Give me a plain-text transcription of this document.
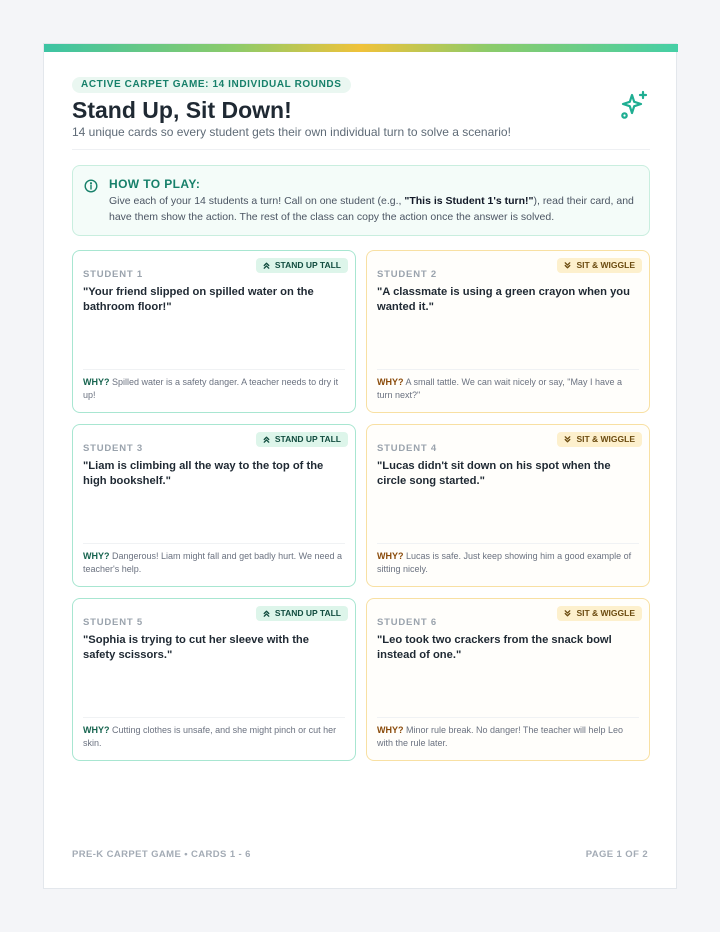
ACTIVE CARPET GAME: 14 INDIVIDUAL ROUNDS
Stand Up, Sit Down!
14 unique cards so every student gets their own individual turn to solve a scenario!
HOW TO PLAY:
Give each of your 14 students a turn! Call on one student (e.g., "This is Student 1's turn!"), read their card, and have them show the action. The rest of the class can copy the action once the answer is solved.
STAND UP TALL
STUDENT 1
"Your friend slipped on spilled water on the bathroom floor!"
WHY? Spilled water is a safety danger. A teacher needs to dry it up!
SIT & WIGGLE
STUDENT 2
"A classmate is using a green crayon when you wanted it."
WHY? A small tattle. We can wait nicely or say, "May I have a turn next?"
STAND UP TALL
STUDENT 3
"Liam is climbing all the way to the top of the high bookshelf."
WHY? Dangerous! Liam might fall and get badly hurt. We need a teacher's help.
SIT & WIGGLE
STUDENT 4
"Lucas didn't sit down on his spot when the circle song started."
WHY? Lucas is safe. Just keep showing him a good example of sitting nicely.
STAND UP TALL
STUDENT 5
"Sophia is trying to cut her sleeve with the safety scissors."
WHY? Cutting clothes is unsafe, and she might pinch or cut her skin.
SIT & WIGGLE
STUDENT 6
"Leo took two crackers from the snack bowl instead of one."
WHY? Minor rule break. No danger! The teacher will help Leo with the rule later.
PRE-K CARPET GAME • CARDS 1 - 6	PAGE 1 OF 2
